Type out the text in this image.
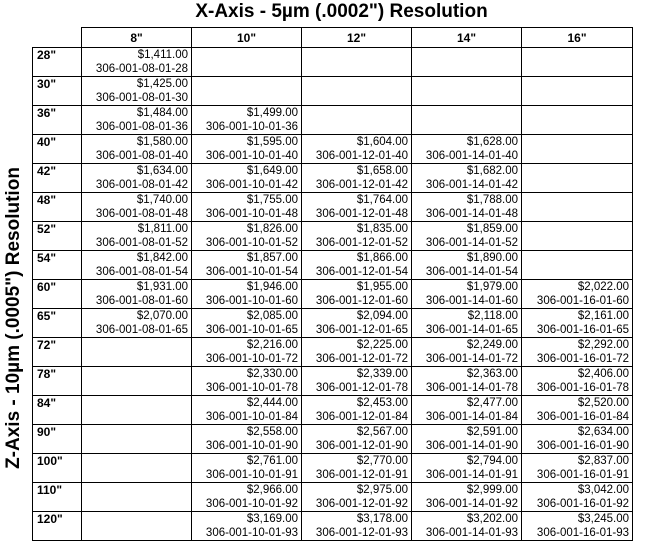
X-Axis - 5µm (.0002") Resolution
Z-Axis - 10µm (.0005") Resolution
	8"	10"	12"	14"	16"
28"	$1,411.00				
	306-001-08-01-28				
30"	$1,425.00				
	306-001-08-01-30				
36"	$1,484.00	$1,499.00			
	306-001-08-01-36	306-001-10-01-36			
40"	$1,580.00	$1,595.00	$1,604.00	$1,628.00	
	306-001-08-01-40	306-001-10-01-40	306-001-12-01-40	306-001-14-01-40	
42"	$1,634.00	$1,649.00	$1,658.00	$1,682.00	
	306-001-08-01-42	306-001-10-01-42	306-001-12-01-42	306-001-14-01-42	
48"	$1,740.00	$1,755.00	$1,764.00	$1,788.00	
	306-001-08-01-48	306-001-10-01-48	306-001-12-01-48	306-001-14-01-48	
52"	$1,811.00	$1,826.00	$1,835.00	$1,859.00	
	306-001-08-01-52	306-001-10-01-52	306-001-12-01-52	306-001-14-01-52	
54"	$1,842.00	$1,857.00	$1,866.00	$1,890.00	
	306-001-08-01-54	306-001-10-01-54	306-001-12-01-54	306-001-14-01-54	
60"	$1,931.00	$1,946.00	$1,955.00	$1,979.00	$2,022.00
	306-001-08-01-60	306-001-10-01-60	306-001-12-01-60	306-001-14-01-60	306-001-16-01-60
65"	$2,070.00	$2,085.00	$2,094.00	$2,118.00	$2,161.00
	306-001-08-01-65	306-001-10-01-65	306-001-12-01-65	306-001-14-01-65	306-001-16-01-65
72"		$2,216.00	$2,225.00	$2,249.00	$2,292.00
		306-001-10-01-72	306-001-12-01-72	306-001-14-01-72	306-001-16-01-72
78"		$2,330.00	$2,339.00	$2,363.00	$2,406.00
		306-001-10-01-78	306-001-12-01-78	306-001-14-01-78	306-001-16-01-78
84"		$2,444.00	$2,453.00	$2,477.00	$2,520.00
		306-001-10-01-84	306-001-12-01-84	306-001-14-01-84	306-001-16-01-84
90"		$2,558.00	$2,567.00	$2,591.00	$2,634.00
		306-001-10-01-90	306-001-12-01-90	306-001-14-01-90	306-001-16-01-90
100"		$2,761.00	$2,770.00	$2,794.00	$2,837.00
		306-001-10-01-91	306-001-12-01-91	306-001-14-01-91	306-001-16-01-91
110"		$2,966.00	$2,975.00	$2,999.00	$3,042.00
		306-001-10-01-92	306-001-12-01-92	306-001-14-01-92	306-001-16-01-92
120"		$3,169.00	$3,178.00	$3,202.00	$3,245.00
		306-001-10-01-93	306-001-12-01-93	306-001-14-01-93	306-001-16-01-93
